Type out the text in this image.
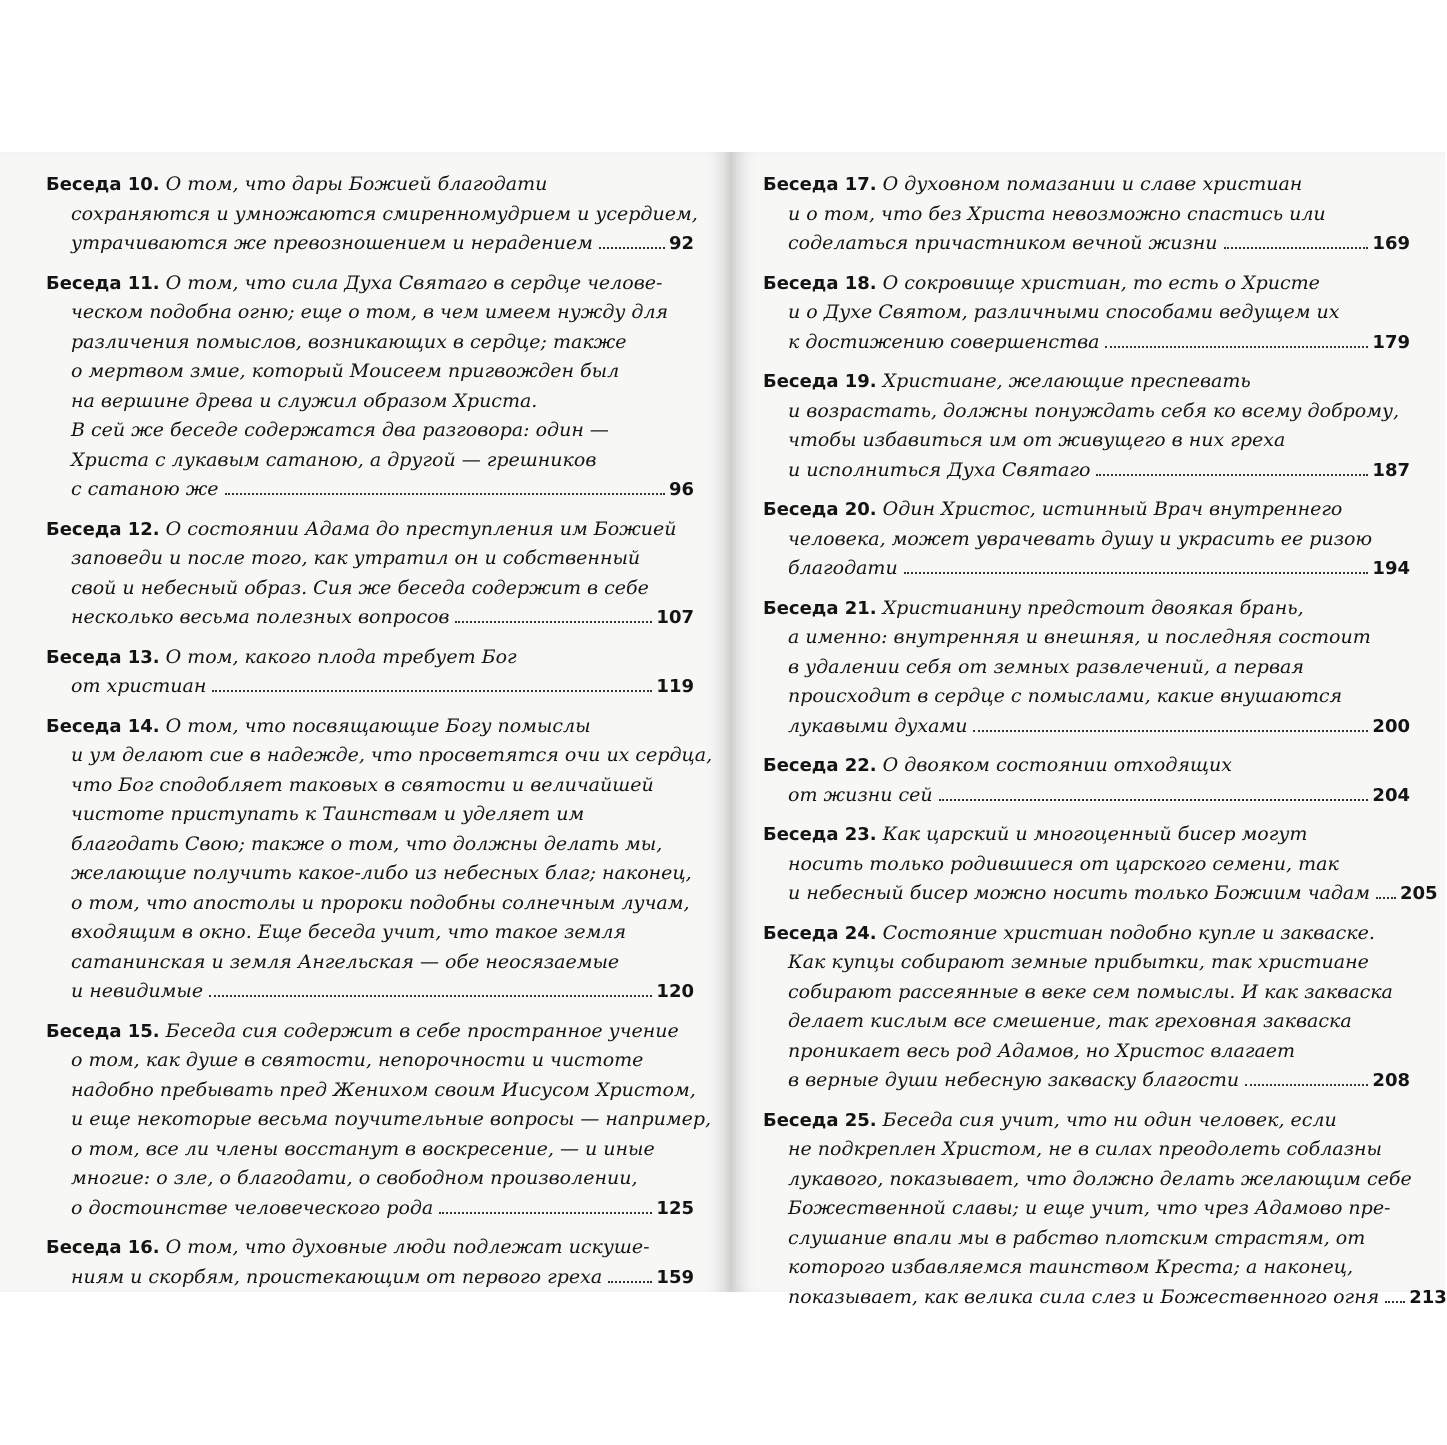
Беседа 10. О том, что дары Божией благодати
сохраняются и умножаются смиренномудрием и усердием,
утрачиваются же превозношением и нерадением	92
Беседа 11. О том, что сила Духа Святаго в сердце челове-
ческом подобна огню; еще о том, в чем имеем нужду для
различения помыслов, возникающих в сердце; также
о мертвом змие, который Моисеем пригвожден был
на вершине древа и служил образом Христа.
В сей же беседе содержатся два разговора: один —
Христа с лукавым сатаною, а другой — грешников
с сатаною же	96
Беседа 12. О состоянии Адама до преступления им Божией
заповеди и после того, как утратил он и собственный
свой и небесный образ. Сия же беседа содержит в себе
несколько весьма полезных вопросов	107
Беседа 13. О том, какого плода требует Бог
от христиан	119
Беседа 14. О том, что посвящающие Богу помыслы
и ум делают сие в надежде, что просветятся очи их сердца,
что Бог сподобляет таковых в святости и величайшей
чистоте приступать к Таинствам и уделяет им
благодать Свою; также о том, что должны делать мы,
желающие получить какое-либо из небесных благ; наконец,
о том, что апостолы и пророки подобны солнечным лучам,
входящим в окно. Еще беседа учит, что такое земля
сатанинская и земля Ангельская — обе неосязаемые
и невидимые	120
Беседа 15. Беседа сия содержит в себе пространное учение
о том, как душе в святости, непорочности и чистоте
надобно пребывать пред Женихом своим Иисусом Христом,
и еще некоторые весьма поучительные вопросы — например,
о том, все ли члены восстанут в воскресение, — и иные
многие: о зле, о благодати, о свободном произволении,
о достоинстве человеческого рода	125
Беседа 16. О том, что духовные люди подлежат искуше-
ниям и скорбям, проистекающим от первого греха	159
Беседа 17. О духовном помазании и славе христиан
и о том, что без Христа невозможно спастись или
соделаться причастником вечной жизни	169
Беседа 18. О сокровище христиан, то есть о Христе
и о Духе Святом, различными способами ведущем их
к достижению совершенства	179
Беседа 19. Христиане, желающие преспевать
и возрастать, должны понуждать себя ко всему доброму,
чтобы избавиться им от живущего в них греха
и исполниться Духа Святаго	187
Беседа 20. Один Христос, истинный Врач внутреннего
человека, может уврачевать душу и украсить ее ризою
благодати	194
Беседа 21. Христианину предстоит двоякая брань,
а именно: внутренняя и внешняя, и последняя состоит
в удалении себя от земных развлечений, а первая
происходит в сердце с помыслами, какие внушаются
лукавыми духами	200
Беседа 22. О двояком состоянии отходящих
от жизни сей	204
Беседа 23. Как царский и многоценный бисер могут
носить только родившиеся от царского семени, так
и небесный бисер можно носить только Божиим чадам 205
Беседа 24. Состояние христиан подобно купле и закваске.
Как купцы собирают земные прибытки, так христиане
собирают рассеянные в веке сем помыслы. И как закваска
делает кислым все смешение, так греховная закваска
проникает весь род Адамов, но Христос влагает
в верные души небесную закваску благости	208
Беседа 25. Беседа сия учит, что ни один человек, если
не подкреплен Христом, не в силах преодолеть соблазны
лукавого, показывает, что должно делать желающим себе
Божественной славы; и еще учит, что чрез Адамово пре-
слушание впали мы в рабство плотским страстям, от
которого избавляемся таинством Креста; а наконец,
показывает, как велика сила слез и Божественного огня 213
